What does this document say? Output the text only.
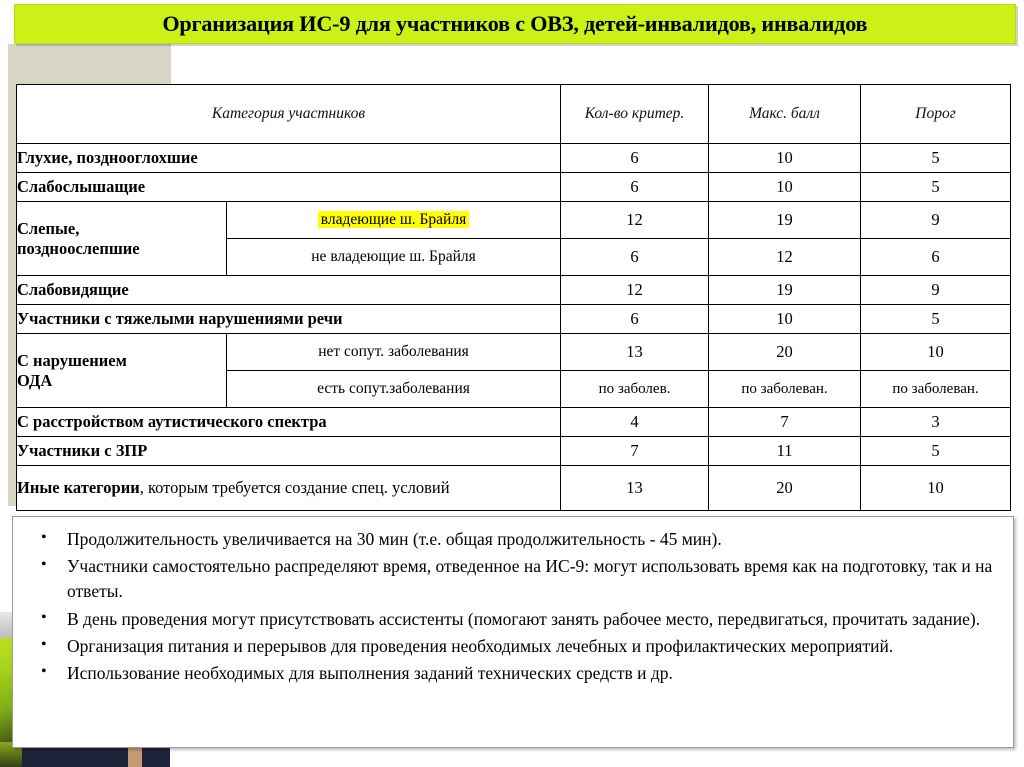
Организация ИС-9 для участников с ОВЗ, детей-инвалидов, инвалидов
Категория участников		Кол-во критер.	Макс. балл	Порог
Глухие, позднооглохшие		6	10	5
Слабослышащие		6	10	5
Слепые,
позднoослепшие	владеющие ш. Брайля	12	19	9
	не владеющие ш. Брайля	6	12	6
Слабовидящие		12	19	9
Участники с тяжелыми нарушениями речи		6	10	5
С нарушением
ОДА	нет сопут. заболевания	13	20	10
	есть сопут.заболевания	по заболев.	по заболеван.	по заболеван.
С расстройством аутистического спектра		4	7	3
Участники с ЗПР		7	11	5
Иные категории, которым требуется создание спец. условий		13	20	10
• Продолжительность увеличивается на 30 мин (т.е. общая продолжительность - 45 мин).
• Участники самостоятельно распределяют время, отведенное на ИС-9: могут использовать время как на подготовку, так и на ответы.
• В день проведения могут присутствовать ассистенты (помогают занять рабочее место, передвигаться, прочитать задание).
• Организация питания и перерывов для проведения необходимых лечебных и профилактических мероприятий.
• Использование необходимых для выполнения заданий технических средств и др.
